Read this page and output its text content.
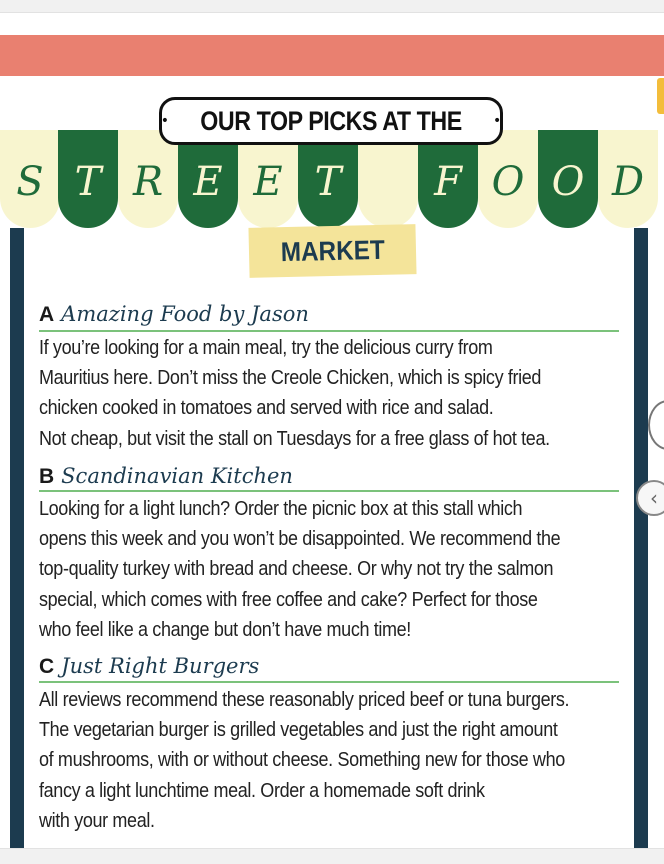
• OUR TOP PICKS AT THE •
S T R E E T F O O D
MARKET
A Amazing Food by Jason
If you’re looking for a main meal, try the delicious curry from
Mauritius here. Don’t miss the Creole Chicken, which is spicy fried
chicken cooked in tomatoes and served with rice and salad.
Not cheap, but visit the stall on Tuesdays for a free glass of hot tea.
B Scandinavian Kitchen
Looking for a light lunch? Order the picnic box at this stall which
opens this week and you won’t be disappointed. We recommend the
top-quality turkey with bread and cheese. Or why not try the salmon
special, which comes with free coffee and cake? Perfect for those
who feel like a change but don’t have much time!
C Just Right Burgers
All reviews recommend these reasonably priced beef or tuna burgers.
The vegetarian burger is grilled vegetables and just the right amount
of mushrooms, with or without cheese. Something new for those who
fancy a light lunchtime meal. Order a homemade soft drink
with your meal.
‹
